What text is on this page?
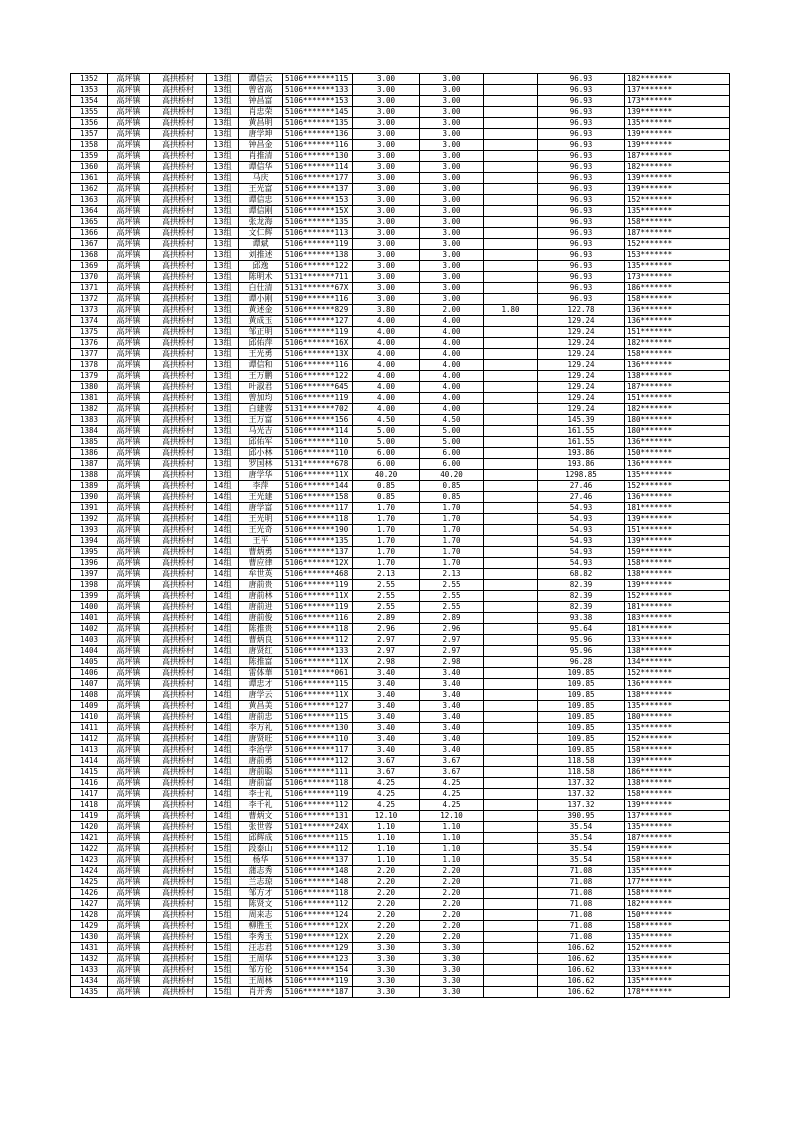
1352	高坪镇	高拱桥村	13组	谭信云	5106*******115	3.00	3.00		96.93	182*******
1353	高坪镇	高拱桥村	13组	曾省高	5106*******133	3.00	3.00		96.93	137*******
1354	高坪镇	高拱桥村	13组	钟昌富	5106*******153	3.00	3.00		96.93	173*******
1355	高坪镇	高拱桥村	13组	肖忠荣	5106*******145	3.00	3.00		96.93	139*******
1356	高坪镇	高拱桥村	13组	黄昌明	5106*******135	3.00	3.00		96.93	135*******
1357	高坪镇	高拱桥村	13组	唐学坤	5106*******136	3.00	3.00		96.93	139*******
1358	高坪镇	高拱桥村	13组	钟昌金	5106*******116	3.00	3.00		96.93	139*******
1359	高坪镇	高拱桥村	13组	肖推清	5106*******130	3.00	3.00		96.93	187*******
1360	高坪镇	高拱桥村	13组	谭信华	5106*******114	3.00	3.00		96.93	182*******
1361	高坪镇	高拱桥村	13组	马庆	5106*******177	3.00	3.00		96.93	139*******
1362	高坪镇	高拱桥村	13组	王光富	5106*******137	3.00	3.00		96.93	139*******
1363	高坪镇	高拱桥村	13组	谭信忠	5106*******153	3.00	3.00		96.93	152*******
1364	高坪镇	高拱桥村	13组	谭信刚	5106*******15X	3.00	3.00		96.93	135*******
1365	高坪镇	高拱桥村	13组	张龙海	5106*******135	3.00	3.00		96.93	158*******
1366	高坪镇	高拱桥村	13组	文仁辉	5106*******113	3.00	3.00		96.93	187*******
1367	高坪镇	高拱桥村	13组	谭斌	5106*******119	3.00	3.00		96.93	152*******
1368	高坪镇	高拱桥村	13组	刘推述	5106*******138	3.00	3.00		96.93	153*******
1369	高坪镇	高拱桥村	13组	邱逸	5106*******122	3.00	3.00		96.93	135*******
1370	高坪镇	高拱桥村	13组	陈明术	5131*******711	3.00	3.00		96.93	173*******
1371	高坪镇	高拱桥村	13组	白仕清	5131*******67X	3.00	3.00		96.93	186*******
1372	高坪镇	高拱桥村	13组	谭小刚	5190*******116	3.00	3.00		96.93	158*******
1373	高坪镇	高拱桥村	13组	黄述金	5106*******829	3.80	2.00	1.80	122.78	136*******
1374	高坪镇	高拱桥村	13组	黄成玉	5106*******127	4.00	4.00		129.24	136*******
1375	高坪镇	高拱桥村	13组	邹正明	5106*******119	4.00	4.00		129.24	151*******
1376	高坪镇	高拱桥村	13组	邱佑萍	5106*******16X	4.00	4.00		129.24	182*******
1377	高坪镇	高拱桥村	13组	王光勇	5106*******13X	4.00	4.00		129.24	158*******
1378	高坪镇	高拱桥村	13组	谭信和	5106*******116	4.00	4.00		129.24	136*******
1379	高坪镇	高拱桥村	13组	王万鹏	5106*******122	4.00	4.00		129.24	138*******
1380	高坪镇	高拱桥村	13组	叶淑君	5106*******645	4.00	4.00		129.24	187*******
1381	高坪镇	高拱桥村	13组	曾加均	5106*******119	4.00	4.00		129.24	151*******
1382	高坪镇	高拱桥村	13组	白建蓉	5131*******702	4.00	4.00		129.24	182*******
1383	高坪镇	高拱桥村	13组	王万富	5106*******156	4.50	4.50		145.39	180*******
1384	高坪镇	高拱桥村	13组	马光吉	5106*******114	5.00	5.00		161.55	180*******
1385	高坪镇	高拱桥村	13组	邱佑军	5106*******110	5.00	5.00		161.55	136*******
1386	高坪镇	高拱桥村	13组	邱小林	5106*******110	6.00	6.00		193.86	150*******
1387	高坪镇	高拱桥村	13组	罗国林	5131*******678	6.00	6.00		193.86	136*******
1388	高坪镇	高拱桥村	13组	唐学华	5106*******11X	40.20	40.20		1298.85	135*******
1389	高坪镇	高拱桥村	14组	李萍	5106*******144	0.85	0.85		27.46	152*******
1390	高坪镇	高拱桥村	14组	王光建	5106*******158	0.85	0.85		27.46	136*******
1391	高坪镇	高拱桥村	14组	唐学富	5106*******117	1.70	1.70		54.93	181*******
1392	高坪镇	高拱桥村	14组	王光明	5106*******118	1.70	1.70		54.93	139*******
1393	高坪镇	高拱桥村	14组	王光奇	5106*******190	1.70	1.70		54.93	151*******
1394	高坪镇	高拱桥村	14组	王平	5106*******135	1.70	1.70		54.93	139*******
1395	高坪镇	高拱桥村	14组	曹炳勇	5106*******137	1.70	1.70		54.93	159*******
1396	高坪镇	高拱桥村	14组	曹应律	5106*******12X	1.70	1.70		54.93	158*******
1397	高坪镇	高拱桥村	14组	牟世英	5106*******468	2.13	2.13		68.82	138*******
1398	高坪镇	高拱桥村	14组	唐前贵	5106*******119	2.55	2.55		82.39	139*******
1399	高坪镇	高拱桥村	14组	唐前林	5106*******11X	2.55	2.55		82.39	152*******
1400	高坪镇	高拱桥村	14组	唐前进	5106*******119	2.55	2.55		82.39	181*******
1401	高坪镇	高拱桥村	14组	唐前俊	5106*******116	2.89	2.89		93.38	183*******
1402	高坪镇	高拱桥村	14组	陈推贵	5106*******118	2.96	2.96		95.64	181*******
1403	高坪镇	高拱桥村	14组	曹炳良	5106*******112	2.97	2.97		95.96	133*******
1404	高坪镇	高拱桥村	14组	唐贤红	5106*******133	2.97	2.97		95.96	138*******
1405	高坪镇	高拱桥村	14组	陈推富	5106*******11X	2.98	2.98		96.28	134*******
1406	高坪镇	高拱桥村	14组	雷体華	5101*******061	3.40	3.40		109.85	152*******
1407	高坪镇	高拱桥村	14组	谭忠才	5106*******115	3.40	3.40		109.85	136*******
1408	高坪镇	高拱桥村	14组	唐学云	5106*******11X	3.40	3.40		109.85	138*******
1409	高坪镇	高拱桥村	14组	黄昌美	5106*******127	3.40	3.40		109.85	135*******
1410	高坪镇	高拱桥村	14组	唐前忠	5106*******115	3.40	3.40		109.85	180*******
1411	高坪镇	高拱桥村	14组	李万礼	5106*******130	3.40	3.40		109.85	135*******
1412	高坪镇	高拱桥村	14组	唐贤旺	5106*******110	3.40	3.40		109.85	152*******
1413	高坪镇	高拱桥村	14组	李治学	5106*******117	3.40	3.40		109.85	158*******
1414	高坪镇	高拱桥村	14组	唐前勇	5106*******112	3.67	3.67		118.58	139*******
1415	高坪镇	高拱桥村	14组	唐前聪	5106*******111	3.67	3.67		118.58	186*******
1416	高坪镇	高拱桥村	14组	唐前富	5106*******118	4.25	4.25		137.32	138*******
1417	高坪镇	高拱桥村	14组	李士礼	5106*******119	4.25	4.25		137.32	158*******
1418	高坪镇	高拱桥村	14组	李千礼	5106*******112	4.25	4.25		137.32	139*******
1419	高坪镇	高拱桥村	14组	曹炳文	5106*******131	12.10	12.10		390.95	137*******
1420	高坪镇	高拱桥村	15组	张世蓉	5101*******24X	1.10	1.10		35.54	135*******
1421	高坪镇	高拱桥村	15组	邱辉成	5106*******115	1.10	1.10		35.54	187*******
1422	高坪镇	高拱桥村	15组	段泰山	5106*******112	1.10	1.10		35.54	159*******
1423	高坪镇	高拱桥村	15组	杨华	5106*******137	1.10	1.10		35.54	158*******
1424	高坪镇	高拱桥村	15组	蒲志秀	5106*******148	2.20	2.20		71.08	135*******
1425	高坪镇	高拱桥村	15组	兰志琼	5106*******148	2.20	2.20		71.08	177*******
1426	高坪镇	高拱桥村	15组	邹方才	5106*******118	2.20	2.20		71.08	158*******
1427	高坪镇	高拱桥村	15组	陈贤文	5106*******112	2.20	2.20		71.08	182*******
1428	高坪镇	高拱桥村	15组	周来志	5106*******124	2.20	2.20		71.08	150*******
1429	高坪镇	高拱桥村	15组	柳胜玉	5106*******12X	2.20	2.20		71.08	158*******
1430	高坪镇	高拱桥村	15组	李秀玉	5190*******12X	2.20	2.20		71.08	135*******
1431	高坪镇	高拱桥村	15组	汪志君	5106*******129	3.30	3.30		106.62	152*******
1432	高坪镇	高拱桥村	15组	王周华	5106*******123	3.30	3.30		106.62	135*******
1433	高坪镇	高拱桥村	15组	邹方伦	5106*******154	3.30	3.30		106.62	133*******
1434	高坪镇	高拱桥村	15组	王周林	5106*******119	3.30	3.30		106.62	135*******
1435	高坪镇	高拱桥村	15组	肖开秀	5106*******187	3.30	3.30		106.62	178*******
